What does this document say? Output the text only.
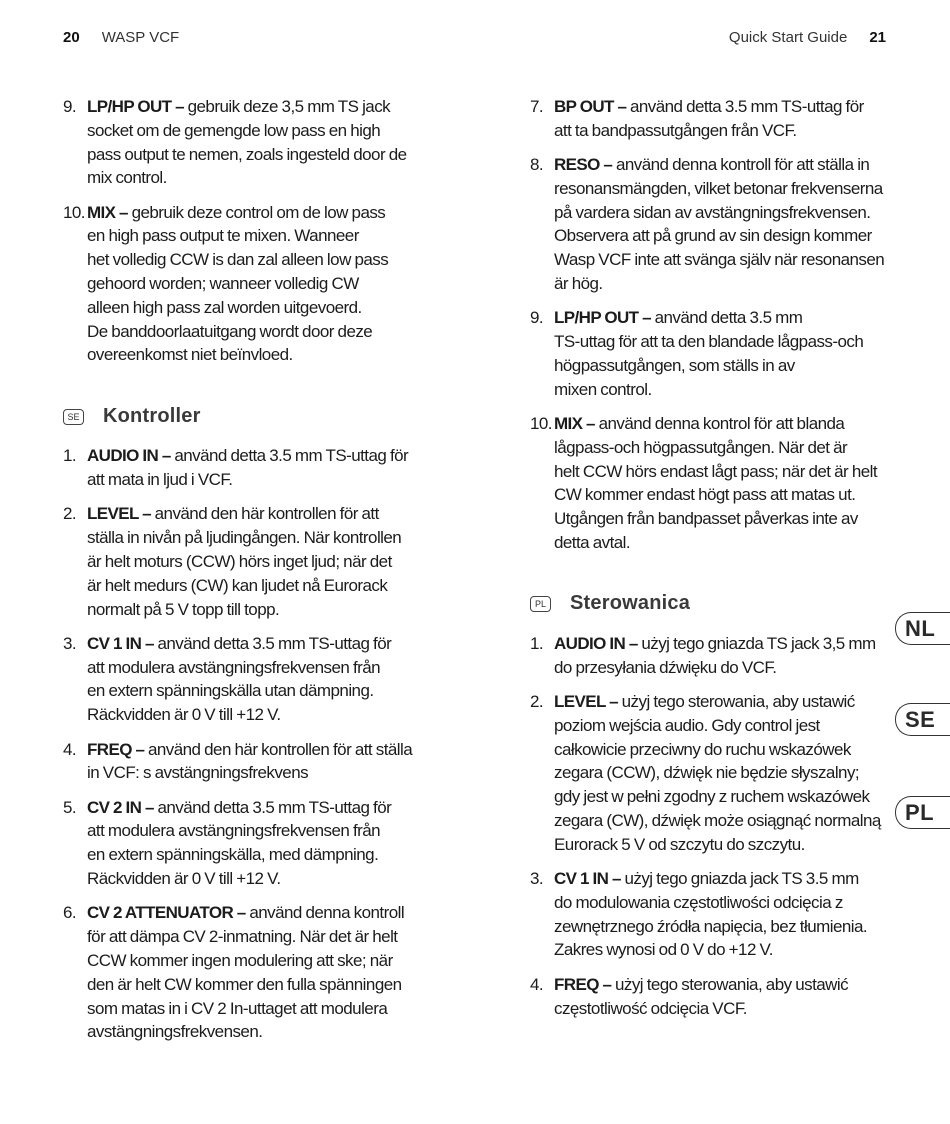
20 WASP VCF	Quick Start Guide 21
9. LP/HP OUT – gebruik deze 3,5 mm TS jack
socket om de gemengde low pass en high
pass output te nemen, zoals ingesteld door de
mix control.
10. MIX – gebruik deze control om de low pass
en high pass output te mixen. Wanneer
het volledig CCW is dan zal alleen low pass
gehoord worden; wanneer volledig CW
alleen high pass zal worden uitgevoerd.
De banddoorlaatuitgang wordt door deze
overeenkomst niet beïnvloed.
SE Kontroller
1. AUDIO IN – använd detta 3.5 mm TS-uttag för
att mata in ljud i VCF.
2. LEVEL – använd den här kontrollen för att
ställa in nivån på ljudingången. När kontrollen
är helt moturs (CCW) hörs inget ljud; när det
är helt medurs (CW) kan ljudet nå Eurorack
normalt på 5 V topp till topp.
3. CV 1 IN – använd detta 3.5 mm TS-uttag för
att modulera avstängningsfrekvensen från
en extern spänningskälla utan dämpning.
Räckvidden är 0 V till +12 V.
4. FREQ – använd den här kontrollen för att ställa
in VCF: s avstängningsfrekvens
5. CV 2 IN – använd detta 3.5 mm TS-uttag för
att modulera avstängningsfrekvensen från
en extern spänningskälla, med dämpning.
Räckvidden är 0 V till +12 V.
6. CV 2 ATTENUATOR – använd denna kontroll
för att dämpa CV 2-inmatning. När det är helt
CCW kommer ingen modulering att ske; när
den är helt CW kommer den fulla spänningen
som matas in i CV 2 In-uttaget att modulera
avstängningsfrekvensen.
7. BP OUT – använd detta 3.5 mm TS-uttag för
att ta bandpassutgången från VCF.
8. RESO – använd denna kontroll för att ställa in
resonansmängden, vilket betonar frekvenserna
på vardera sidan av avstängningsfrekvensen.
Observera att på grund av sin design kommer
Wasp VCF inte att svänga själv när resonansen
är hög.
9. LP/HP OUT – använd detta 3.5 mm
TS-uttag för att ta den blandade lågpass-och
högpassutgången, som ställs in av
mixen control.
10. MIX – använd denna kontrol för att blanda
lågpass-och högpassutgången. När det är
helt CCW hörs endast lågt pass; när det är helt
CW kommer endast högt pass att matas ut.
Utgången från bandpasset påverkas inte av
detta avtal.
PL Sterowanica
1. AUDIO IN – użyj tego gniazda TS jack 3,5 mm
do przesyłania dźwięku do VCF.
2. LEVEL – użyj tego sterowania, aby ustawić
poziom wejścia audio. Gdy control jest
całkowicie przeciwny do ruchu wskazówek
zegara (CCW), dźwięk nie będzie słyszalny;
gdy jest w pełni zgodny z ruchem wskazówek
zegara (CW), dźwięk może osiągnąć normalną
Eurorack 5 V od szczytu do szczytu.
3. CV 1 IN – użyj tego gniazda jack TS 3.5 mm
do modulowania częstotliwości odcięcia z
zewnętrznego źródła napięcia, bez tłumienia.
Zakres wynosi od 0 V do +12 V.
4. FREQ – użyj tego sterowania, aby ustawić
częstotliwość odcięcia VCF.
NL
SE
PL
